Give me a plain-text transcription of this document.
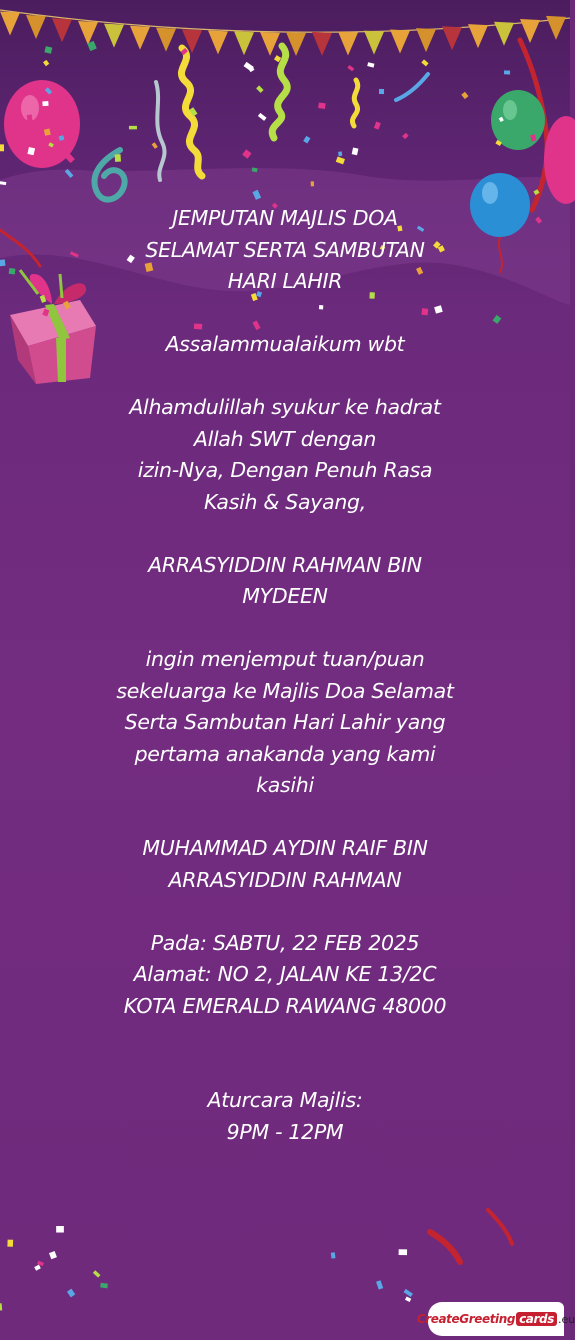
JEMPUTAN MAJLIS DOA
SELAMAT SERTA SAMBUTAN
HARI LAHIR

Assalammualaikum wbt

Alhamdulillah syukur ke hadrat
Allah SWT dengan
izin-Nya, Dengan Penuh Rasa
Kasih & Sayang,

ARRASYIDDIN RAHMAN BIN
MYDEEN

ingin menjemput tuan/puan
sekeluarga ke Majlis Doa Selamat
Serta Sambutan Hari Lahir yang
pertama anakanda yang kami
kasihi

MUHAMMAD AYDIN RAIF BIN
ARRASYIDDIN RAHMAN

Pada: SABTU, 22 FEB 2025

Alamat: NO 2, JALAN KE 13/2C
KOTA EMERALD RAWANG 48000

Aturcara Majlis:

9PM - 12PM

CreateGreeting cards .eu
